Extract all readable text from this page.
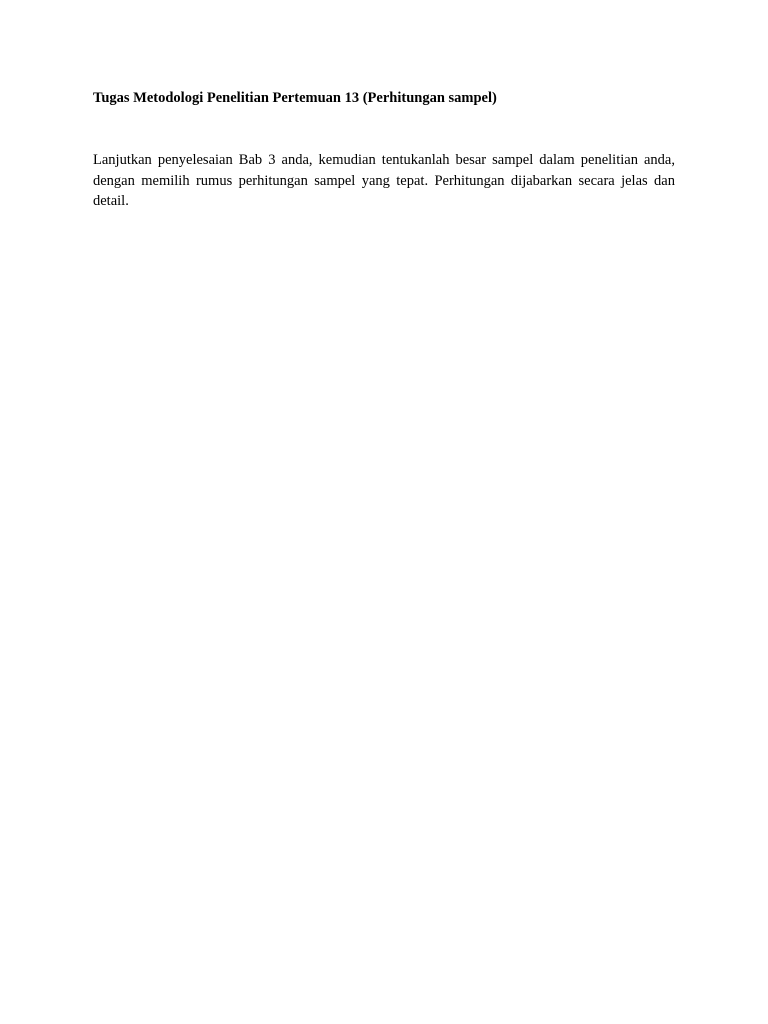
Tugas Metodologi Penelitian Pertemuan 13 (Perhitungan sampel)

Lanjutkan penyelesaian Bab 3 anda, kemudian tentukanlah besar sampel dalam penelitian anda, dengan memilih rumus perhitungan sampel yang tepat. Perhitungan dijabarkan secara jelas dan detail.
